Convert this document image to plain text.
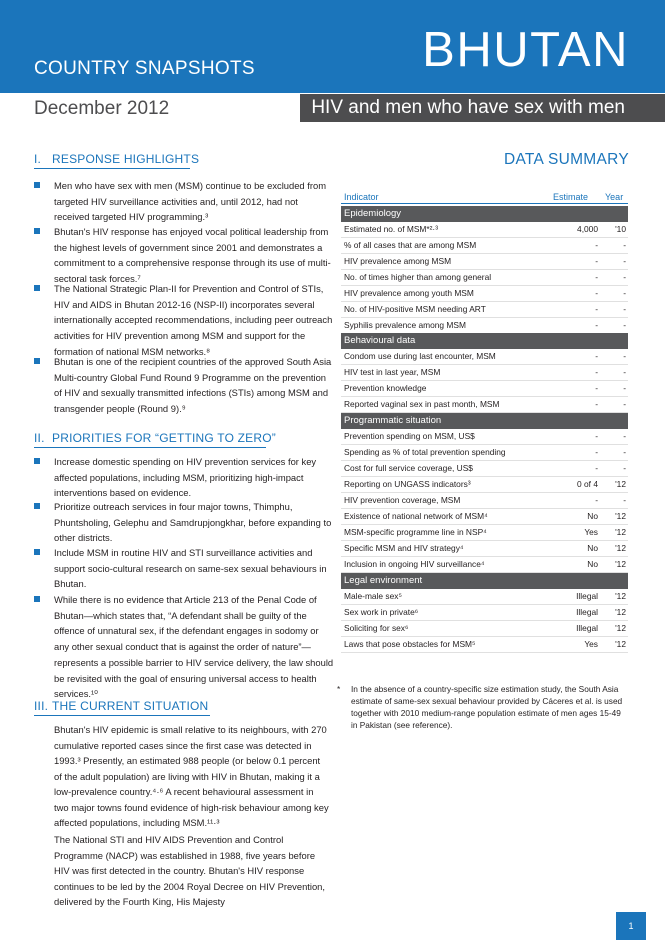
COUNTRY SNAPSHOTS	BHUTAN
December 2012	HIV and men who have sex with men
I. RESPONSE HIGHLIGHTS
Men who have sex with men (MSM) continue to be excluded from targeted HIV surveillance activities and, until 2012, had not received targeted HIV programming.³
Bhutan's HIV response has enjoyed vocal political leadership from the highest levels of government since 2001 and demonstrates a commitment to a comprehensive response through its use of multi-sectoral task forces.⁷
The National Strategic Plan-II for Prevention and Control of STIs, HIV and AIDS in Bhutan 2012-16 (NSP-II) incorporates several internationally accepted recommendations, including peer outreach activities for HIV prevention among MSM and support for the formation of national MSM networks.⁸
Bhutan is one of the recipient countries of the approved South Asia Multi-country Global Fund Round 9 Programme on the prevention of HIV and sexually transmitted infections (STIs) among MSM and transgender people (Round 9).⁹
II. PRIORITIES FOR “GETTING TO ZERO”
Increase domestic spending on HIV prevention services for key affected populations, including MSM, prioritizing high-impact interventions based on evidence.
Prioritize outreach services in four major towns, Thimphu, Phuntsholing, Gelephu and Samdrupjongkhar, before expanding to other districts.
Include MSM in routine HIV and STI surveillance activities and support socio-cultural research on same-sex sexual behaviours in Bhutan.
While there is no evidence that Article 213 of the Penal Code of Bhutan—which states that, “A defendant shall be guilty of the offence of unnatural sex, if the defendant engages in sodomy or any other sexual conduct that is against the order of nature”—represents a possible barrier to HIV service delivery, the law should be revisited with the goal of ensuring universal access to health services.¹⁰
III. THE CURRENT SITUATION
Bhutan's HIV epidemic is small relative to its neighbours, with 270 cumulative reported cases since the first case was detected in 1993.³ Presently, an estimated 988 people (or below 0.1 percent of the adult population) are living with HIV in Bhutan, making it a low-prevalence country.⁴·⁶ A recent behavioural assessment in two major towns found evidence of high-risk behaviour among key affected populations, including MSM.¹¹·³
The National STI and HIV AIDS Prevention and Control Programme (NACP) was established in 1988, five years before HIV was first detected in the country. Bhutan's HIV response continues to be led by the 2004 Royal Decree on HIV Prevention, delivered by the Fourth King, His Majesty
DATA SUMMARY
Indicator	Estimate Year
Epidemiology
Estimated no. of MSM*²·³	4,000 '10
% of all cases that are among MSM	-	-
HIV prevalence among MSM	-	-
No. of times higher than among general	-	-
HIV prevalence among youth MSM	-	-
No. of HIV-positive MSM needing ART	-	-
Syphilis prevalence among MSM	-	-
Behavioural data
Condom use during last encounter, MSM	-	-
HIV test in last year, MSM	-	-
Prevention knowledge	-	-
Reported vaginal sex in past month, MSM	-	-
Programmatic situation
Prevention spending on MSM, US$	-	-
Spending as % of total prevention spending	-	-
Cost for full service coverage, US$	-	-
Reporting on UNGASS indicators³	0 of 4 '12
HIV prevention coverage, MSM	-	-
Existence of national network of MSM⁴	No '12
MSM-specific programme line in NSP⁴	Yes '12
Specific MSM and HIV strategy⁴	No '12
Inclusion in ongoing HIV surveillance⁴	No '12
Legal environment
Male-male sex⁵	Illegal '12
Sex work in private⁶	Illegal '12
Soliciting for sex⁶	Illegal '12
Laws that pose obstacles for MSM⁵	Yes '12
*	In the absence of a country-specific size estimation study, the South Asia estimate of same-sex sexual behaviour provided by Cáceres et al. is used together with 2010 medium-range population estimate of men ages 15-49 in Pakistan (see reference).
1
